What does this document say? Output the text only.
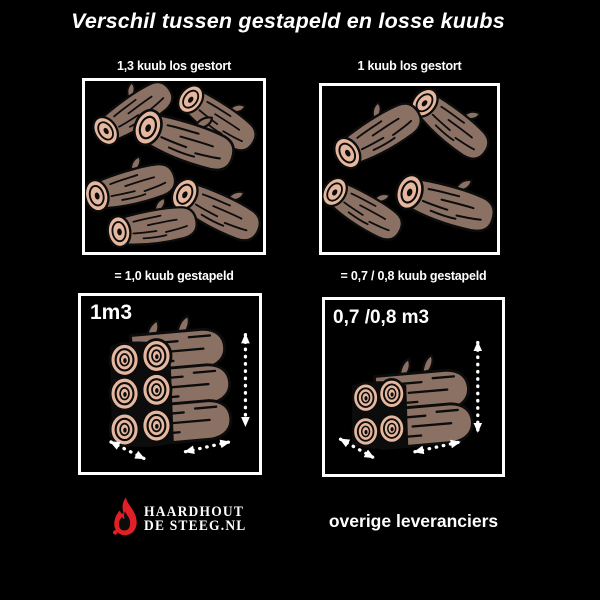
Verschil tussen gestapeld en losse kuubs
1,3 kuub los gestort	1 kuub los gestort
= 1,0 kuub gestapeld	= 0,7 / 0,8 kuub gestapeld
1m3	0,7 /0,8 m3
HAARDHOUT
DE STEEG.NL	overige leveranciers
